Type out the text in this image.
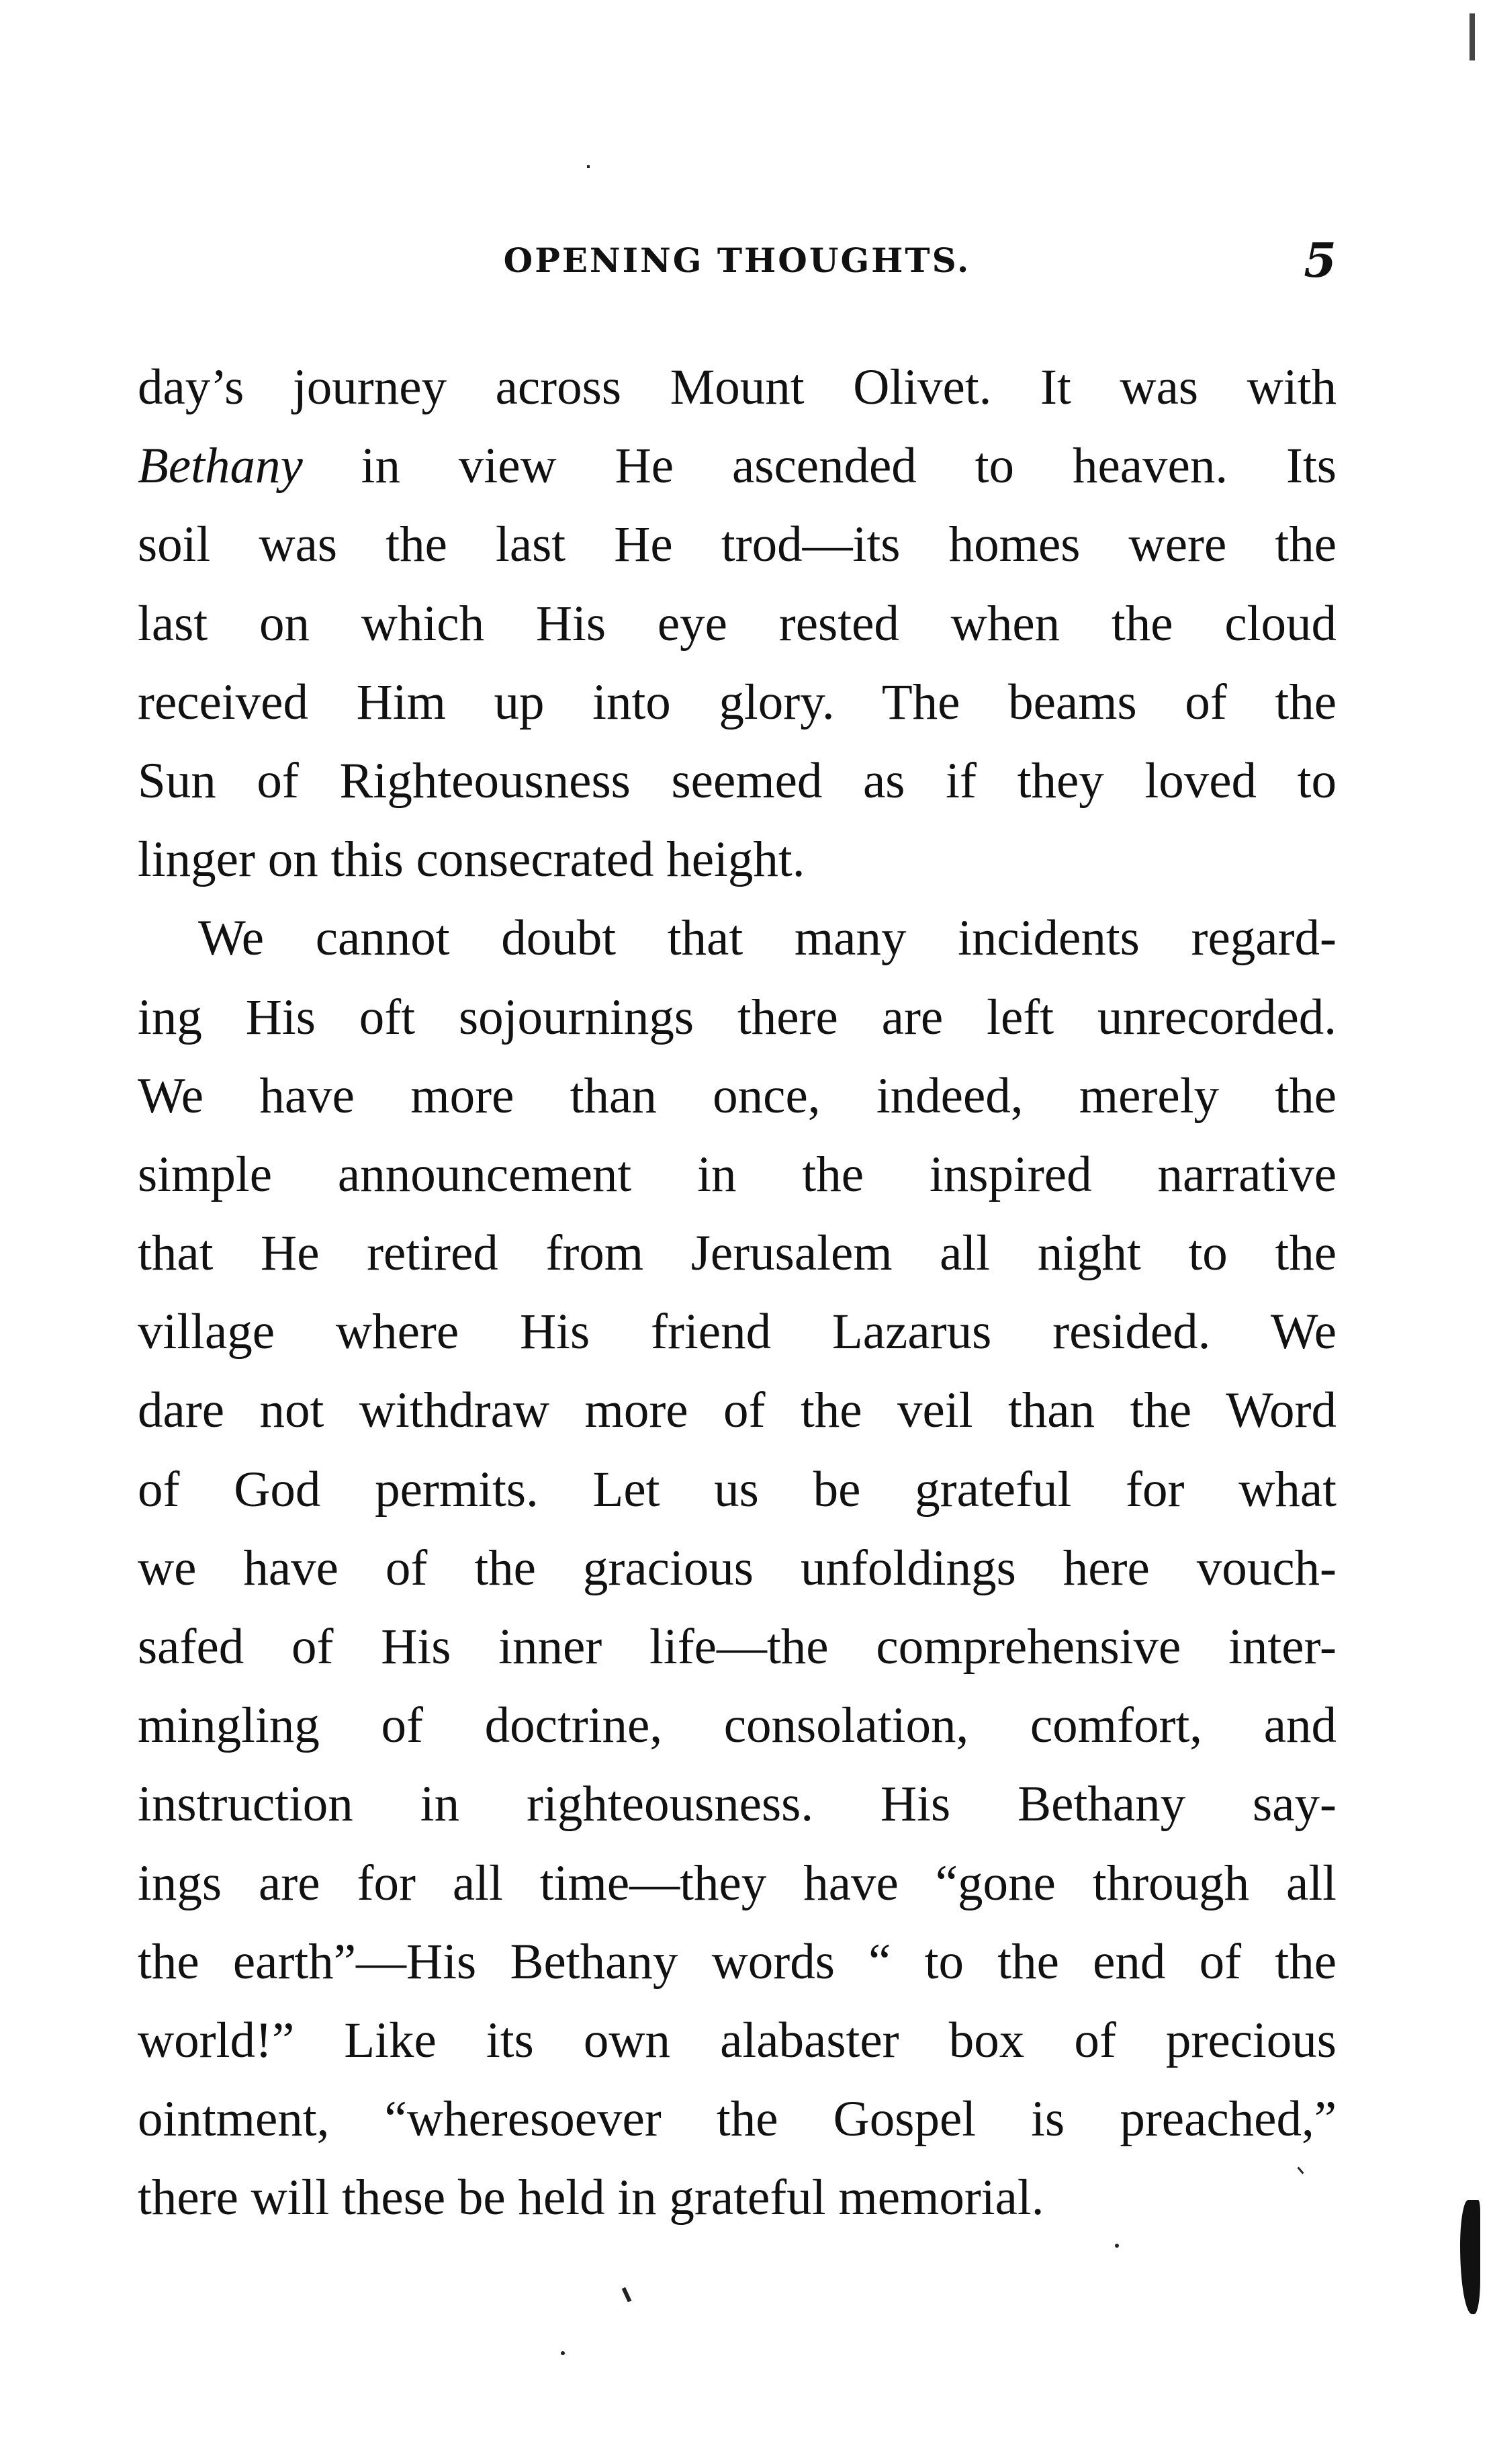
OPENING THOUGHTS.	5
day’s journey across Mount Olivet. It was with
Bethany in view He ascended to heaven. Its
soil was the last He trod—its homes were the
last on which His eye rested when the cloud
received Him up into glory. The beams of the
Sun of Righteousness seemed as if they loved to
linger on this consecrated height.
We cannot doubt that many incidents regard-
ing His oft sojournings there are left unrecorded.
We have more than once, indeed, merely the
simple announcement in the inspired narrative
that He retired from Jerusalem all night to the
village where His friend Lazarus resided. We
dare not withdraw more of the veil than the Word
of God permits. Let us be grateful for what
we have of the gracious unfoldings here vouch-
safed of His inner life—the comprehensive inter-
mingling of doctrine, consolation, comfort, and
instruction in righteousness. His Bethany say-
ings are for all time—they have “gone through all
the earth”—His Bethany words “ to the end of the
world!” Like its own alabaster box of precious
ointment, “wheresoever the Gospel is preached,”
there will these be held in grateful memorial.
